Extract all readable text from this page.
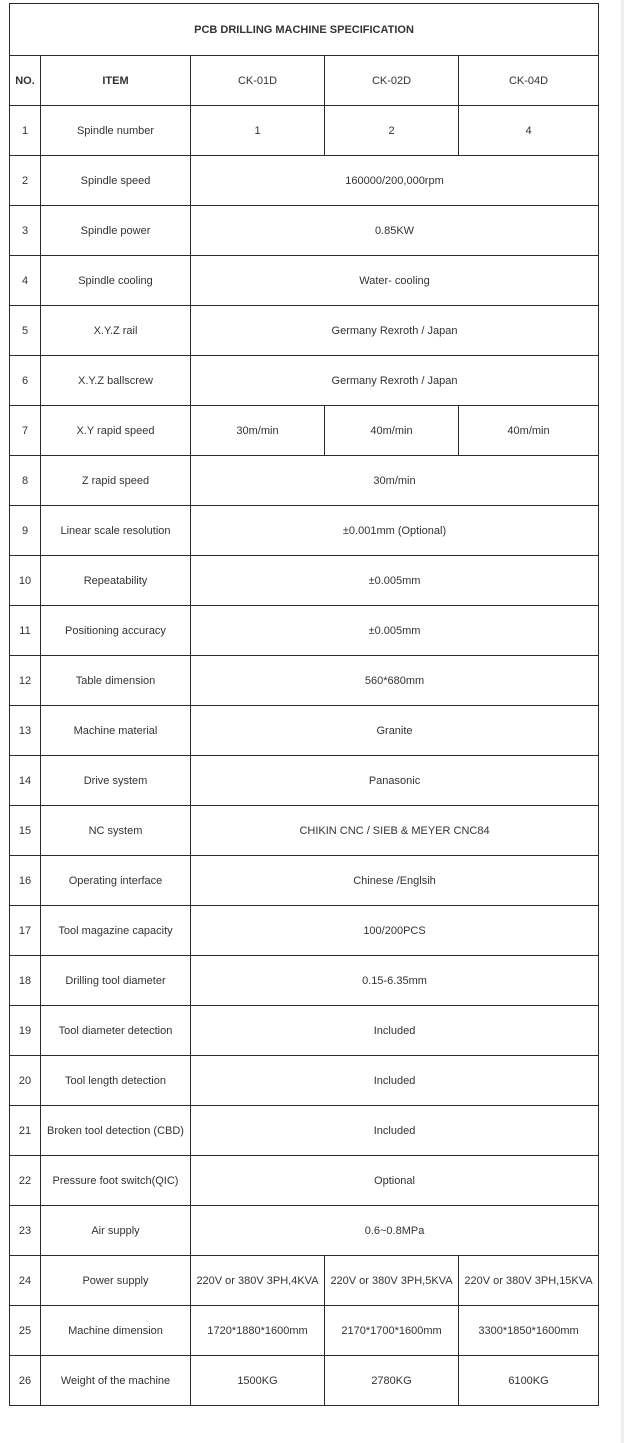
PCB DRILLING MACHINE SPECIFICATION				
NO.	ITEM	CK-01D	CK-02D	CK-04D
1	Spindle number	1	2	4
2	Spindle speed	160000/200,000rpm		
3	Spindle power	0.85KW		
4	Spindle cooling	Water- cooling		
5	X.Y.Z rail	Germany Rexroth / Japan		
6	X.Y.Z ballscrew	Germany Rexroth / Japan		
7	X.Y rapid speed	30m/min	40m/min	40m/min
8	Z rapid speed	30m/min		
9	Linear scale resolution	±0.001mm (Optional)		
10	Repeatability	±0.005mm		
11	Positioning accuracy	±0.005mm		
12	Table dimension	560*680mm		
13	Machine material	Granite		
14	Drive system	Panasonic		
15	NC system	CHIKIN CNC / SIEB & MEYER CNC84		
16	Operating interface	Chinese /Englsih		
17	Tool magazine capacity	100/200PCS		
18	Drilling tool diameter	0.15-6.35mm		
19	Tool diameter detection	Included		
20	Tool length detection	Included		
21	Broken tool detection (CBD)	Included		
22	Pressure foot switch(QIC)	Optional		
23	Air supply	0.6~0.8MPa		
24	Power supply	220V or 380V 3PH,4KVA	220V or 380V 3PH,5KVA	220V or 380V 3PH,15KVA
25	Machine dimension	1720*1880*1600mm	2170*1700*1600mm	3300*1850*1600mm
26	Weight of the machine	1500KG	2780KG	6100KG
